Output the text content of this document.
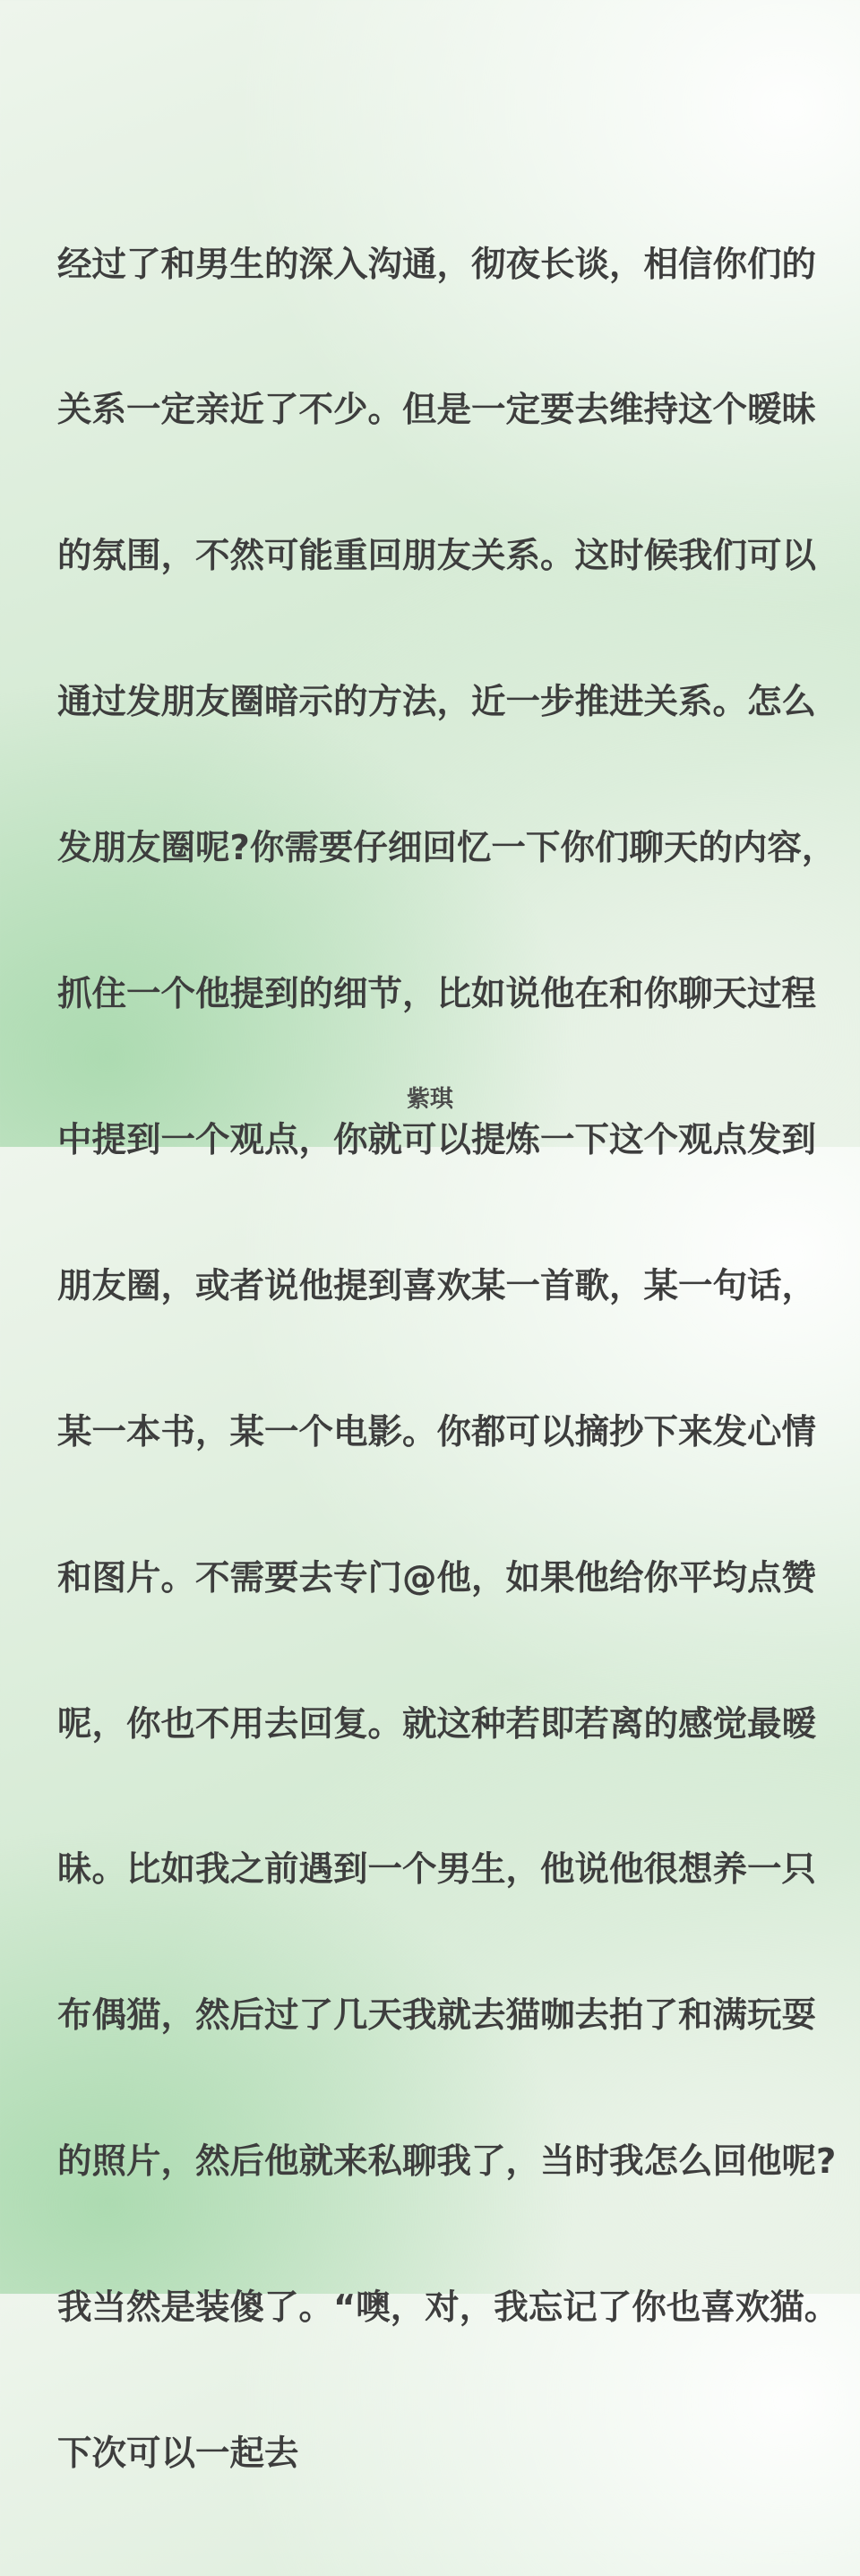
经过了和男生的深入沟通，彻夜长谈，相信你们的

关系一定亲近了不少。但是一定要去维持这个暧昧

的氛围，不然可能重回朋友关系。这时候我们可以

通过发朋友圈暗示的方法，近一步推进关系。怎么

发朋友圈呢?你需要仔细回忆一下你们聊天的内容，

抓住一个他提到的细节，比如说他在和你聊天过程

中提到一个观点，你就可以提炼一下这个观点发到

朋友圈，或者说他提到喜欢某一首歌，某一句话，

某一本书，某一个电影。你都可以摘抄下来发心情

和图片。不需要去专门@他，如果他给你平均点赞

呢，你也不用去回复。就这种若即若离的感觉最暧

昧。比如我之前遇到一个男生，他说他很想养一只

布偶猫，然后过了几天我就去猫咖去拍了和满玩耍

的照片，然后他就来私聊我了，当时我怎么回他呢?

我当然是装傻了。“噢，对，我忘记了你也喜欢猫。

下次可以一起去

紫琪
